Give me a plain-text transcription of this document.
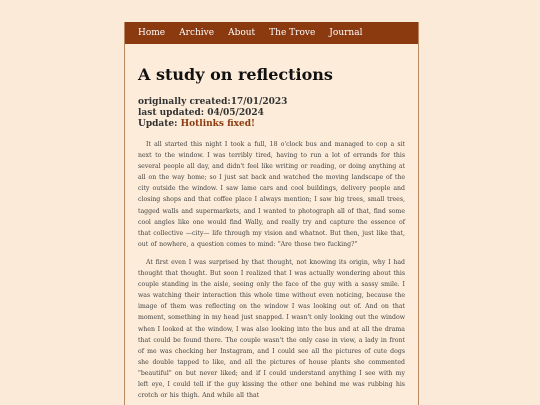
Home Archive About The Trove Journal
A study on reflections
originally created:17/01/2023
last updated: 04/05/2024
Update: Hotlinks fixed!

It all started this night I took a full, 18 o'clock bus and managed to cop a sit next to the window. I was terribly tired, having to run a lot of errands for this several people all day, and didn't feel like writing or reading, or doing anything at all on the way home; so I just sat back and watched the moving landscape of the city outside the window. I saw lame cars and cool buildings, delivery people and closing shops and that coffee place I always mention; I saw big trees, small trees, tagged walls and supermarkets, and I wanted to photograph all of that, find some cool angles like one would find Wally, and really try and capture the essence of that collective —city— life through my vision and whatnot. But then, just like that, out of nowhere, a question comes to mind: "Are those two fucking?"

At first even I was surprised by that thought, not knowing its origin, why I had thought that thought. But soon I realized that I was actually wondering about this couple standing in the aisle, seeing only the face of the guy with a sassy smile. I was watching their interaction this whole time without even noticing, because the image of them was reflecting on the window I was looking out of. And on that moment, something in my head just snapped. I wasn't only looking out the window when I looked at the window, I was also looking into the bus and at all the drama that could be found there. The couple wasn't the only case in view, a lady in front of me was checking her Instagram, and I could see all the pictures of cute dogs she double tapped to like, and all the pictures of house plants she commented "beautiful" on but never liked; and if I could understand anything I see with my left eye, I could tell if the guy kissing the other one behind me was rubbing his crotch or his thigh. And while all that
